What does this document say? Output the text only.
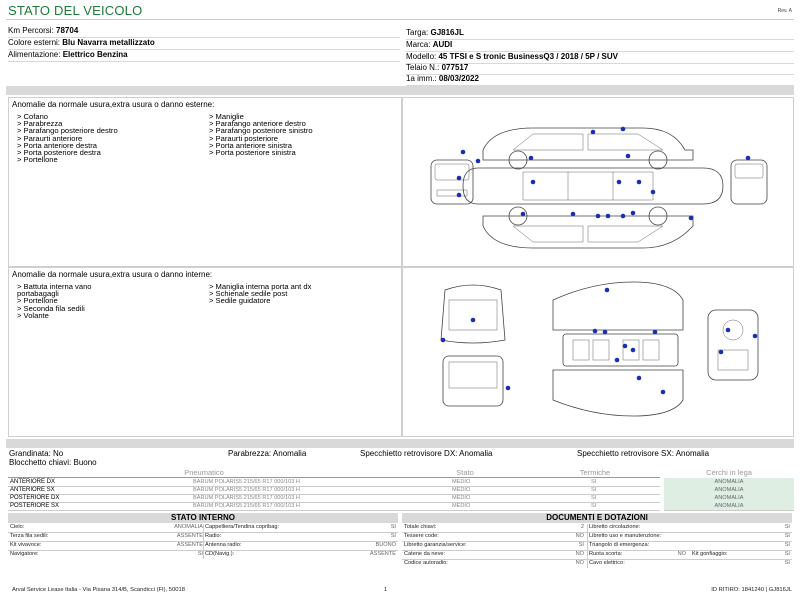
STATO DEL VEICOLO	Rev. A
Km Percorsi: 78704
Colore esterni: Blu Navarra metallizzato
Alimentazione: Elettrico Benzina
Targa: GJ816JL
Marca: AUDI
Modello: 45 TFSI e S tronic BusinessQ3 / 2018 / 5P / SUV
Telaio N.: 077517
1a imm.: 08/03/2022
Anomalie da normale usura,extra usura o danno esterne:
> Cofano
> Parabrezza
> Parafango posteriore destro
> Paraurti anteriore
> Porta anteriore destra
> Porta posteriore destra
> Portellone
> Maniglie
> Parafango anteriore destro
> Parafango posteriore sinistro
> Paraurti posteriore
> Porta anteriore sinistra
> Porta posteriore sinistra
Anomalie da normale usura,extra usura o danno interne:
> Battuta interna vano
portabagagli
> Portellone
> Seconda fila sedili
> Volante
> Maniglia interna porta ant dx
> Schienale sedile post
> Sedile guidatore
Grandinata: No	Parabrezza: Anomalia	Specchietto retrovisore DX: Anomalia	Specchietto retrovisore SX: Anomalia
Blocchetto chiavi: Buono
Pneumatico	Stato	Termiche	Cerchi in lega
ANTERIORE DX	BARUM POLARIS5 215/65 R17 000/103 H	MEDIO	SI	ANOMALIA
ANTERIORE SX	BARUM POLARIS5 215/65 R17 000/103 H	MEDIO	SI	ANOMALIA
POSTERIORE DX	BARUM POLARIS5 215/65 R17 000/103 H	MEDIO	SI	ANOMALIA
POSTERIORE SX	BARUM POLARIS5 215/65 R17 000/103 H	MEDIO	SI	ANOMALIA
STATO INTERNO
Cielo:	ANOMALIA Cappelliera/Tendina copribag:	SI
Terza fila sedili:	ASSENTE Radio:	SI
Kit vivavoce:	ASSENTE Antenna radio:	BUONO
Navigatore:	SI CD(Navig.):	ASSENTE
DOCUMENTI E DOTAZIONI
Totale chiavi:	2 Libretto circolazione:	SI
Tessere code:	NO Libretto uso e manutenzione:	SI
Libretto garanzia/service:	SI Triangolo di emergenza:	SI
Catene da neve:	NO Ruota scorta:	NO Kit gonfiaggio:	SI
Codice autoradio:	NO Cavo elettrico:	SI
Arval Service Lease Italia - Via Pisana 314/B, Scandicci (FI), 50018	1	ID RITIRO: 1841240 | GJ816JL
